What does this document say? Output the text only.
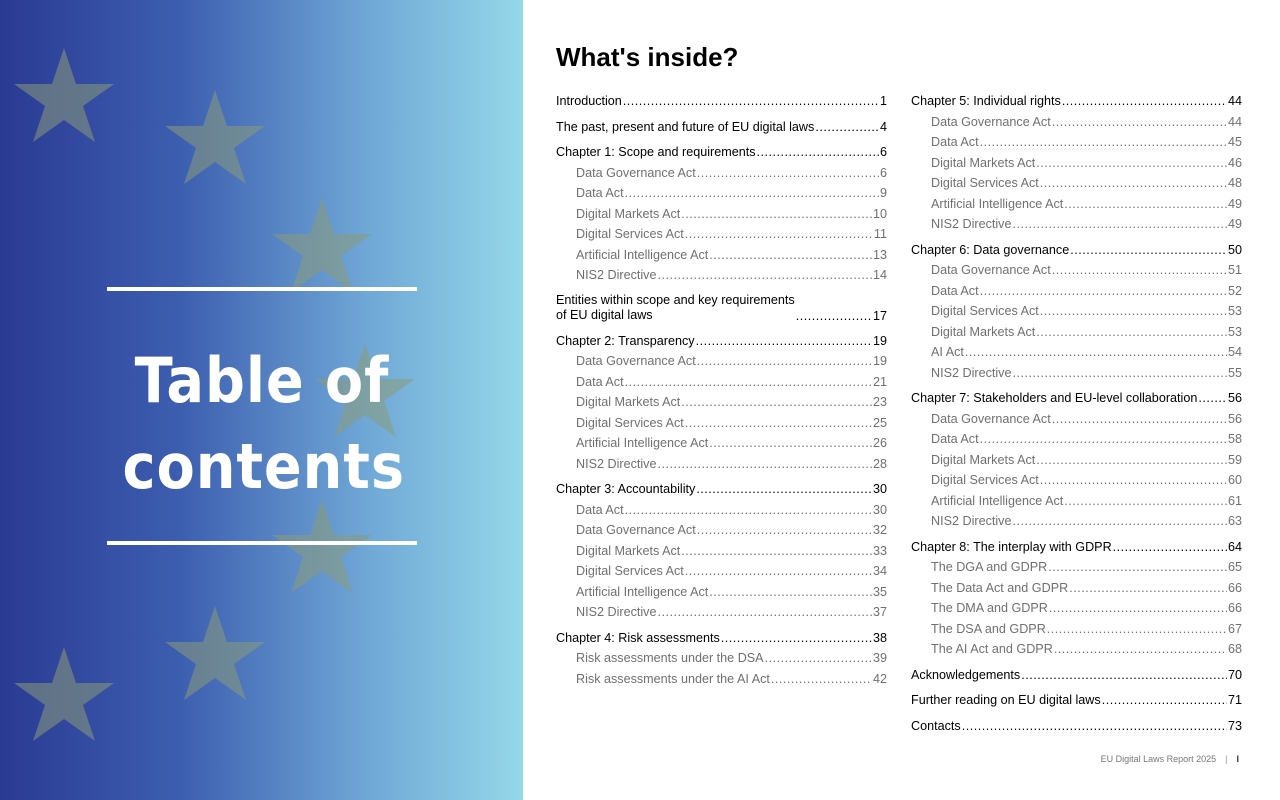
Table of
contents
What's inside?
Introduction .....	1
The past, present and future of EU digital laws .....	4
Chapter 1: Scope and requirements .....	6
Data Governance Act .....	6
Data Act .....	9
Digital Markets Act .....	10
Digital Services Act .....	11
Artificial Intelligence Act .....	13
NIS2 Directive .....	14
Entities within scope and key requirements
of EU digital laws .....	17
Chapter 2: Transparency .....	19
Data Governance Act .....	19
Data Act .....	21
Digital Markets Act .....	23
Digital Services Act .....	25
Artificial Intelligence Act .....	26
NIS2 Directive .....	28
Chapter 3: Accountability .....	30
Data Act .....	30
Data Governance Act .....	32
Digital Markets Act .....	33
Digital Services Act .....	34
Artificial Intelligence Act .....	35
NIS2 Directive .....	37
Chapter 4: Risk assessments .....	38
Risk assessments under the DSA .....	39
Risk assessments under the AI Act .....	42
Chapter 5: Individual rights .....	44
Data Governance Act .....	44
Data Act .....	45
Digital Markets Act .....	46
Digital Services Act .....	48
Artificial Intelligence Act .....	49
NIS2 Directive .....	49
Chapter 6: Data governance .....	50
Data Governance Act .....	51
Data Act .....	52
Digital Services Act .....	53
Digital Markets Act .....	53
AI Act .....	54
NIS2 Directive .....	55
Chapter 7: Stakeholders and EU-level collaboration ..... 56
Data Governance Act .....	56
Data Act .....	58
Digital Markets Act .....	59
Digital Services Act .....	60
Artificial Intelligence Act .....	61
NIS2 Directive .....	63
Chapter 8: The interplay with GDPR .....	64
The DGA and GDPR .....	65
The Data Act and GDPR .....	66
The DMA and GDPR .....	66
The DSA and GDPR .....	67
The AI Act and GDPR .....	68
Acknowledgements .....	70
Further reading on EU digital laws .....	71
Contacts .....	73
EU Digital Laws Report 2025 | I
